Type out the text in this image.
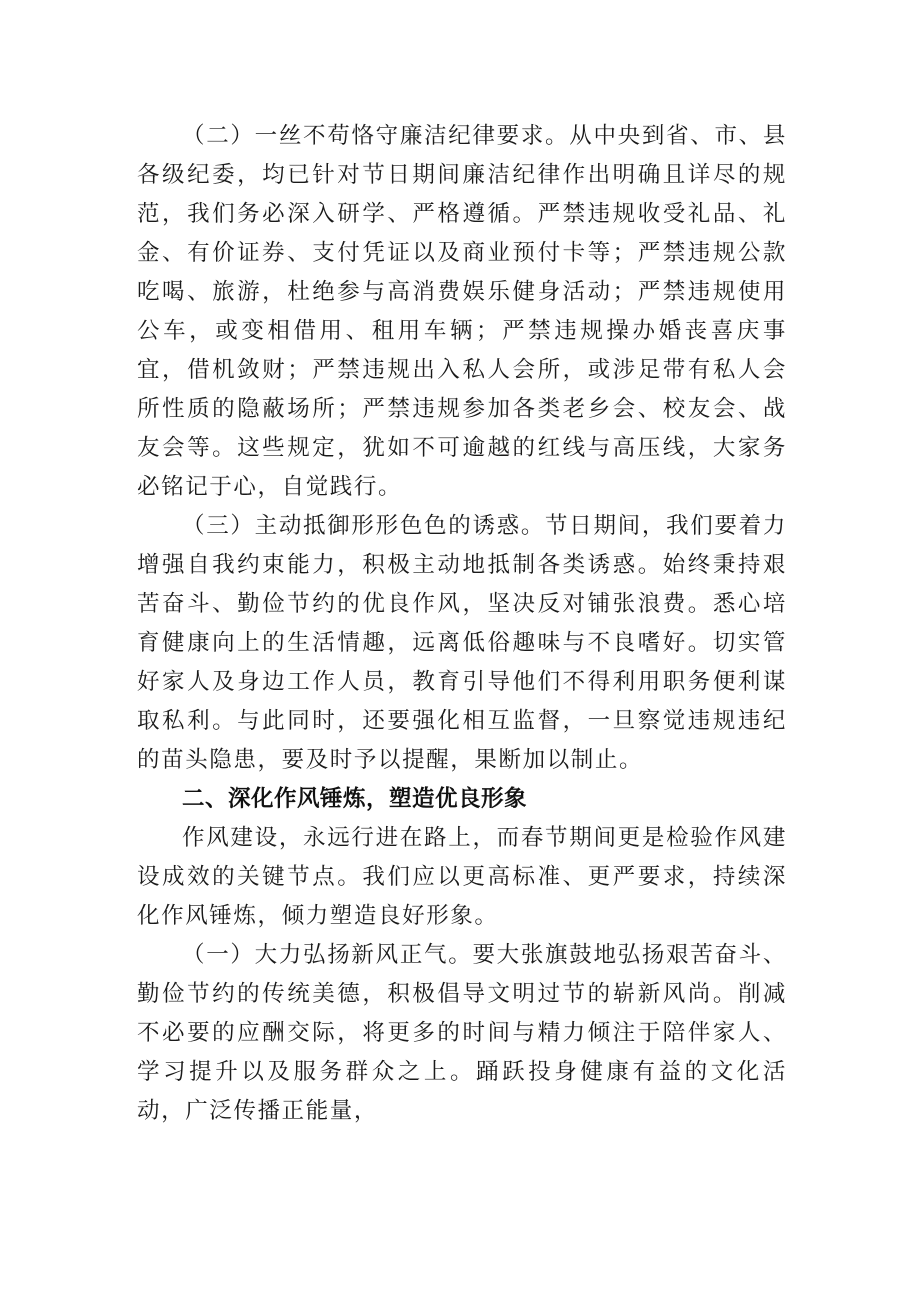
（二）一丝不苟恪守廉洁纪律要求。从中央到省、市、县各级纪委，均已针对节日期间廉洁纪律作出明确且详尽的规范，我们务必深入研学、严格遵循。严禁违规收受礼品、礼金、有价证券、支付凭证以及商业预付卡等；严禁违规公款吃喝、旅游，杜绝参与高消费娱乐健身活动；严禁违规使用公车，或变相借用、租用车辆；严禁违规操办婚丧喜庆事宜，借机敛财；严禁违规出入私人会所，或涉足带有私人会所性质的隐蔽场所；严禁违规参加各类老乡会、校友会、战友会等。这些规定，犹如不可逾越的红线与高压线，大家务必铭记于心，自觉践行。

（三）主动抵御形形色色的诱惑。节日期间，我们要着力增强自我约束能力，积极主动地抵制各类诱惑。始终秉持艰苦奋斗、勤俭节约的优良作风，坚决反对铺张浪费。悉心培育健康向上的生活情趣，远离低俗趣味与不良嗜好。切实管好家人及身边工作人员，教育引导他们不得利用职务便利谋取私利。与此同时，还要强化相互监督，一旦察觉违规违纪的苗头隐患，要及时予以提醒，果断加以制止。

二、深化作风锤炼，塑造优良形象

作风建设，永远行进在路上，而春节期间更是检验作风建设成效的关键节点。我们应以更高标准、更严要求，持续深化作风锤炼，倾力塑造良好形象。

（一）大力弘扬新风正气。要大张旗鼓地弘扬艰苦奋斗、勤俭节约的传统美德，积极倡导文明过节的崭新风尚。削减不必要的应酬交际，将更多的时间与精力倾注于陪伴家人、学习提升以及服务群众之上。踊跃投身健康有益的文化活动，广泛传播正能量，
